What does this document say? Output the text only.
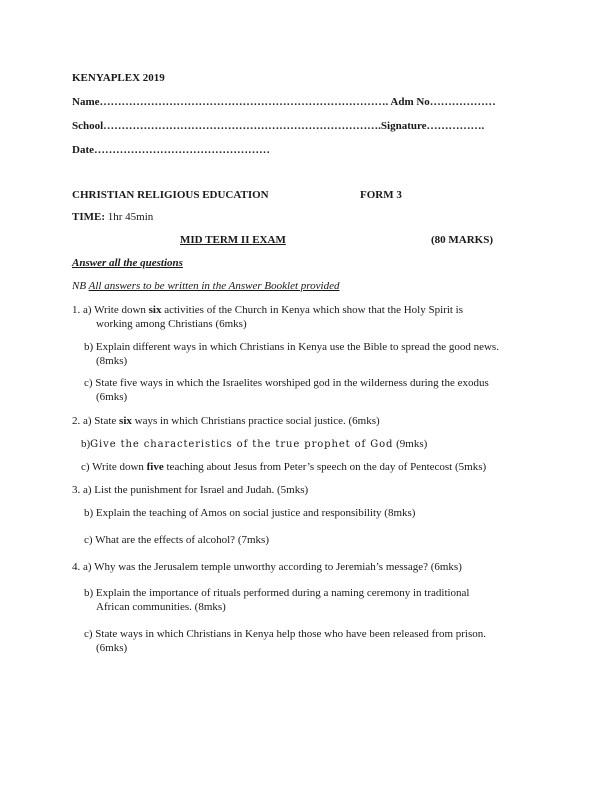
KENYAPLEX 2019
Name……………………………………………………………………. Adm No………………
School………………………………………………………………….Signature…………….
Date…………………………………………
CHRISTIAN RELIGIOUS EDUCATION	FORM 3
TIME: 1hr 45min
MID TERM II EXAM	(80 MARKS)
Answer all the questions
NB All answers to be written in the Answer Booklet provided
1. a) Write down six activities of the Church in Kenya which show that the Holy Spirit is
working among Christians (6mks)
b) Explain different ways in which Christians in Kenya use the Bible to spread the good news.
(8mks)
c) State five ways in which the Israelites worshiped god in the wilderness during the exodus
(6mks)
2. a) State six ways in which Christians practice social justice. (6mks)
b)Give the characteristics of the true prophet of God (9mks)
c) Write down five teaching about Jesus from Peter’s speech on the day of Pentecost (5mks)
3. a) List the punishment for Israel and Judah. (5mks)
b) Explain the teaching of Amos on social justice and responsibility (8mks)
c) What are the effects of alcohol? (7mks)
4. a) Why was the Jerusalem temple unworthy according to Jeremiah’s message? (6mks)
b) Explain the importance of rituals performed during a naming ceremony in traditional
African communities. (8mks)
c) State ways in which Christians in Kenya help those who have been released from prison.
(6mks)
